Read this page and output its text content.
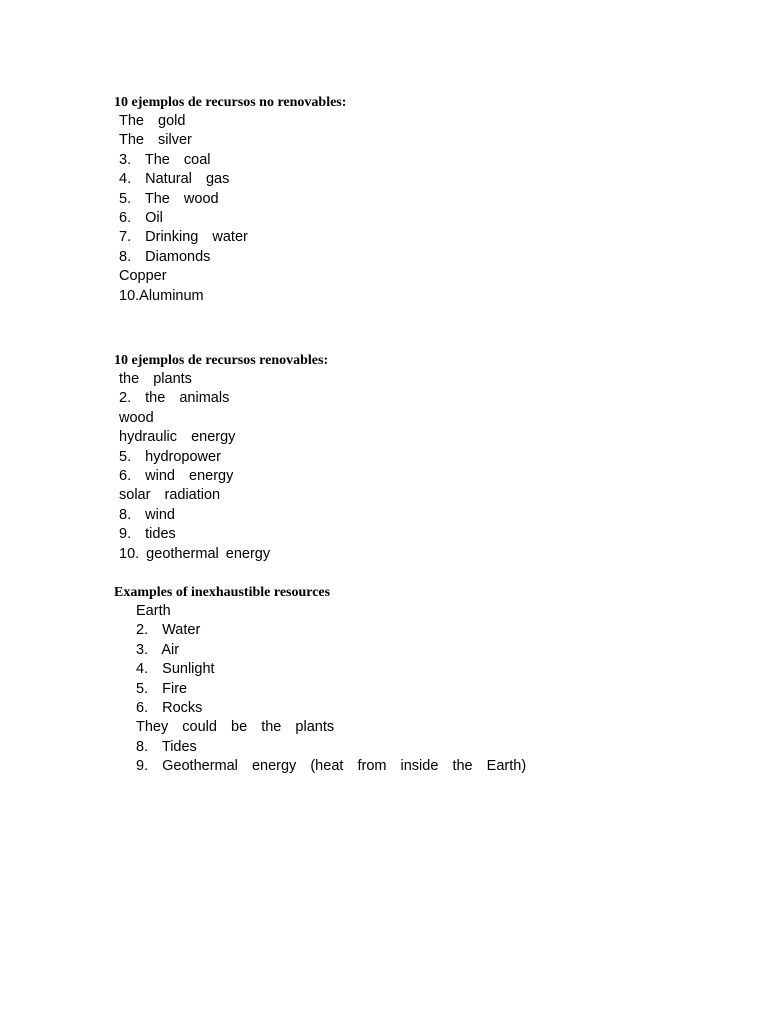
10 ejemplos de recursos no renovables:
The  gold
The  silver
3.  The  coal
4.  Natural  gas
5.  The  wood
6.  Oil
7.  Drinking  water
8.  Diamonds
Copper
10.Aluminum
10 ejemplos de recursos renovables:
the  plants
2.  the  animals
wood
hydraulic  energy
5.  hydropower
6.  wind  energy
solar  radiation
8.  wind
9.  tides
10. geothermal energy
Examples of inexhaustible resources
Earth
2.  Water
3.  Air
4.  Sunlight
5.  Fire
6.  Rocks
They  could  be  the  plants
8.  Tides
9.  Geothermal  energy  (heat  from  inside  the  Earth)
